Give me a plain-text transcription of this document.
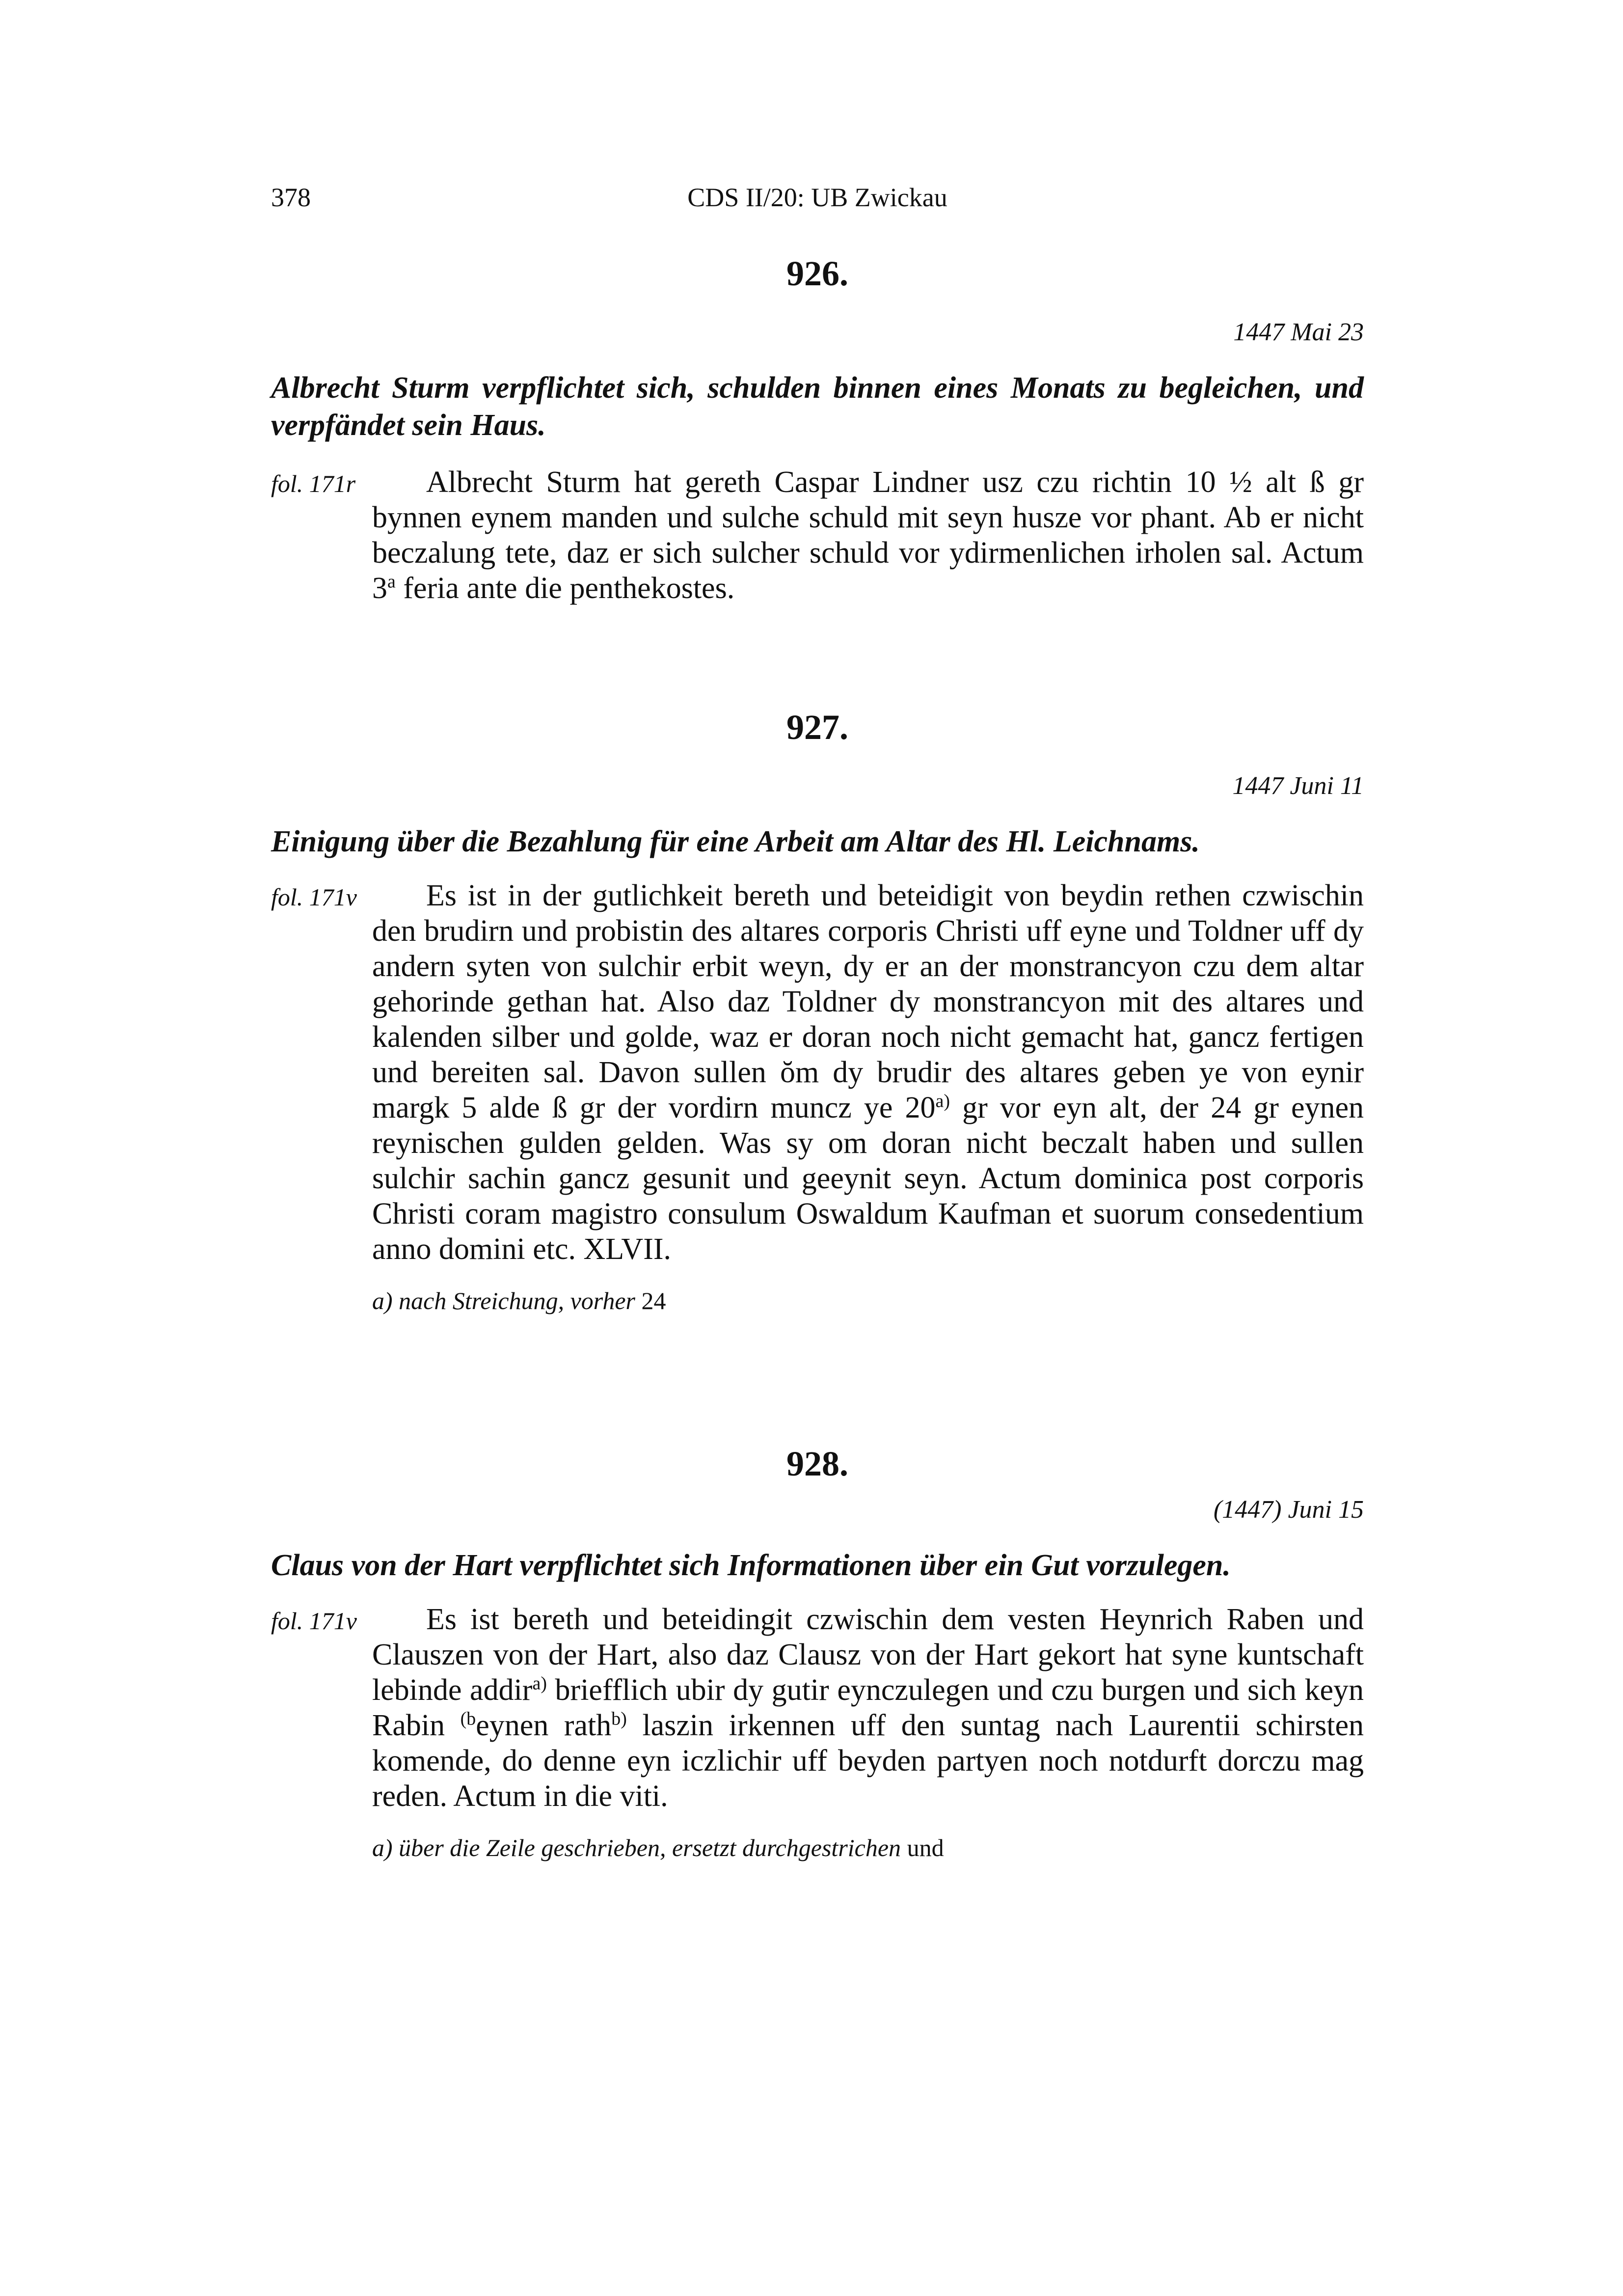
378	CDS II/20: UB Zwickau

926.

1447 Mai 23

Albrecht Sturm verpflichtet sich, schulden binnen eines Monats zu begleichen, und verpfändet sein Haus.

fol. 171r	Albrecht Sturm hat gereth Caspar Lindner usz czu richtin 10 ½ alt ß gr bynnen eynem manden und sulche schuld mit seyn husze vor phant. Ab er nicht beczalung tete, daz er sich sulcher schuld vor ydirmenlichen irholen sal. Actum 3$^a$ feria ante die penthekostes.

927.

1447 Juni 11

Einigung über die Bezahlung für eine Arbeit am Altar des Hl. Leichnams.

fol. 171v	Es ist in der gutlichkeit bereth und beteidigit von beydin rethen czwischin den brudirn und probistin des altares corporis Christi uff eyne und Toldner uff dy andern syten von sulchir erbit weyn, dy er an der monstrancyon czu dem altar gehorinde gethan hat. Also daz Toldner dy monstrancyon mit des altares und kalenden silber und golde, waz er doran noch nicht gemacht hat, gancz fertigen und bereiten sal. Davon sullen ŏm dy brudir des altares geben ye von eynir margk 5 alde ß gr der vordirn muncz ye 20$^{a)}$ gr vor eyn alt, der 24 gr eynen reynischen gulden gelden. Was sy om doran nicht beczalt haben und sullen sulchir sachin gancz gesunit und geeynit seyn. Actum dominica post corporis Christi coram magistro consulum Oswaldum Kaufman et suorum consedentium anno domini etc. XLVII.

a) nach Streichung, vorher 24

928.

(1447) Juni 15

Claus von der Hart verpflichtet sich Informationen über ein Gut vorzulegen.

fol. 171v	Es ist bereth und beteidingit czwischin dem vesten Heynrich Raben und Clauszen von der Hart, also daz Clausz von der Hart gekort hat syne kuntschaft lebinde addir$^{a)}$ briefflich ubir dy gutir eynczulegen und czu burgen und sich keyn Rabin $^{(b}$eynen rath$^{b)}$ laszin irkennen uff den suntag nach Laurentii schirsten komende, do denne eyn iczlichir uff beyden partyen noch notdurft dorczu mag reden. Actum in die viti.

a) über die Zeile geschrieben, ersetzt durchgestrichen und
